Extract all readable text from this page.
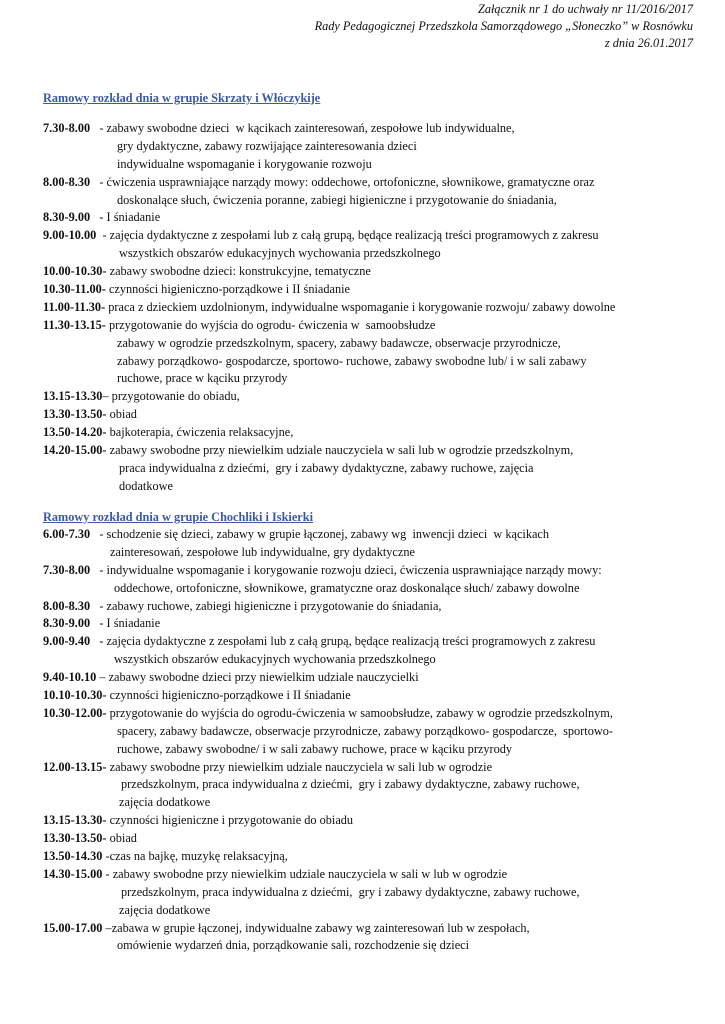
Załącznik nr 1 do uchwały nr 11/2016/2017
Rady Pedagogicznej Przedszkola Samorządowego „Słoneczko” w Rosnówku
z dnia 26.01.2017
Ramowy rozkład dnia w grupie Skrzaty i Włóczykije
7.30-8.00   - zabawy swobodne dzieci  w kącikach zainteresowań, zespołowe lub indywidualne,
gry dydaktyczne, zabawy rozwijające zainteresowania dzieci
indywidualne wspomaganie i korygowanie rozwoju
8.00-8.30   - ćwiczenia usprawniające narządy mowy: oddechowe, ortofoniczne, słownikowe, gramatyczne oraz
doskonalące słuch, ćwiczenia poranne, zabiegi higieniczne i przygotowanie do śniadania,
8.30-9.00   - I śniadanie
9.00-10.00  - zajęcia dydaktyczne z zespołami lub z całą grupą, będące realizacją treści programowych z zakresu
wszystkich obszarów edukacyjnych wychowania przedszkolnego
10.00-10.30- zabawy swobodne dzieci: konstrukcyjne, tematyczne
10.30-11.00- czynności higieniczno-porządkowe i II śniadanie
11.00-11.30- praca z dzieckiem uzdolnionym, indywidualne wspomaganie i korygowanie rozwoju/ zabawy dowolne
11.30-13.15- przygotowanie do wyjścia do ogrodu- ćwiczenia w  samoobsłudze
zabawy w ogrodzie przedszkolnym, spacery, zabawy badawcze, obserwacje przyrodnicze,
zabawy porządkowo- gospodarcze, sportowo- ruchowe, zabawy swobodne lub/ i w sali zabawy
ruchowe, prace w kąciku przyrody
13.15-13.30– przygotowanie do obiadu,
13.30-13.50- obiad
13.50-14.20- bajkoterapia, ćwiczenia relaksacyjne,
14.20-15.00- zabawy swobodne przy niewielkim udziale nauczyciela w sali lub w ogrodzie przedszkolnym,
praca indywidualna z dziećmi,  gry i zabawy dydaktyczne, zabawy ruchowe, zajęcia
dodatkowe
Ramowy rozkład dnia w grupie Chochliki i Iskierki
6.00-7.30   - schodzenie się dzieci, zabawy w grupie łączonej, zabawy wg  inwencji dzieci  w kącikach
zainteresowań, zespołowe lub indywidualne, gry dydaktyczne
7.30-8.00   - indywidualne wspomaganie i korygowanie rozwoju dzieci, ćwiczenia usprawniające narządy mowy:
oddechowe, ortofoniczne, słownikowe, gramatyczne oraz doskonalące słuch/ zabawy dowolne
8.00-8.30   - zabawy ruchowe, zabiegi higieniczne i przygotowanie do śniadania,
8.30-9.00   - I śniadanie
9.00-9.40   - zajęcia dydaktyczne z zespołami lub z całą grupą, będące realizacją treści programowych z zakresu
wszystkich obszarów edukacyjnych wychowania przedszkolnego
9.40-10.10 – zabawy swobodne dzieci przy niewielkim udziale nauczycielki
10.10-10.30- czynności higieniczno-porządkowe i II śniadanie
10.30-12.00- przygotowanie do wyjścia do ogrodu-ćwiczenia w samoobsłudze, zabawy w ogrodzie przedszkolnym,
spacery, zabawy badawcze, obserwacje przyrodnicze, zabawy porządkowo- gospodarcze,  sportowo-
ruchowe, zabawy swobodne/ i w sali zabawy ruchowe, prace w kąciku przyrody
12.00-13.15- zabawy swobodne przy niewielkim udziale nauczyciela w sali lub w ogrodzie
przedszkolnym, praca indywidualna z dziećmi,  gry i zabawy dydaktyczne, zabawy ruchowe,
zajęcia dodatkowe
13.15-13.30- czynności higieniczne i przygotowanie do obiadu
13.30-13.50- obiad
13.50-14.30 -czas na bajkę, muzykę relaksacyjną,
14.30-15.00 - zabawy swobodne przy niewielkim udziale nauczyciela w sali w lub w ogrodzie
przedszkolnym, praca indywidualna z dziećmi,  gry i zabawy dydaktyczne, zabawy ruchowe,
zajęcia dodatkowe
15.00-17.00 –zabawa w grupie łączonej, indywidualne zabawy wg zainteresowań lub w zespołach,
omówienie wydarzeń dnia, porządkowanie sali, rozchodzenie się dzieci
